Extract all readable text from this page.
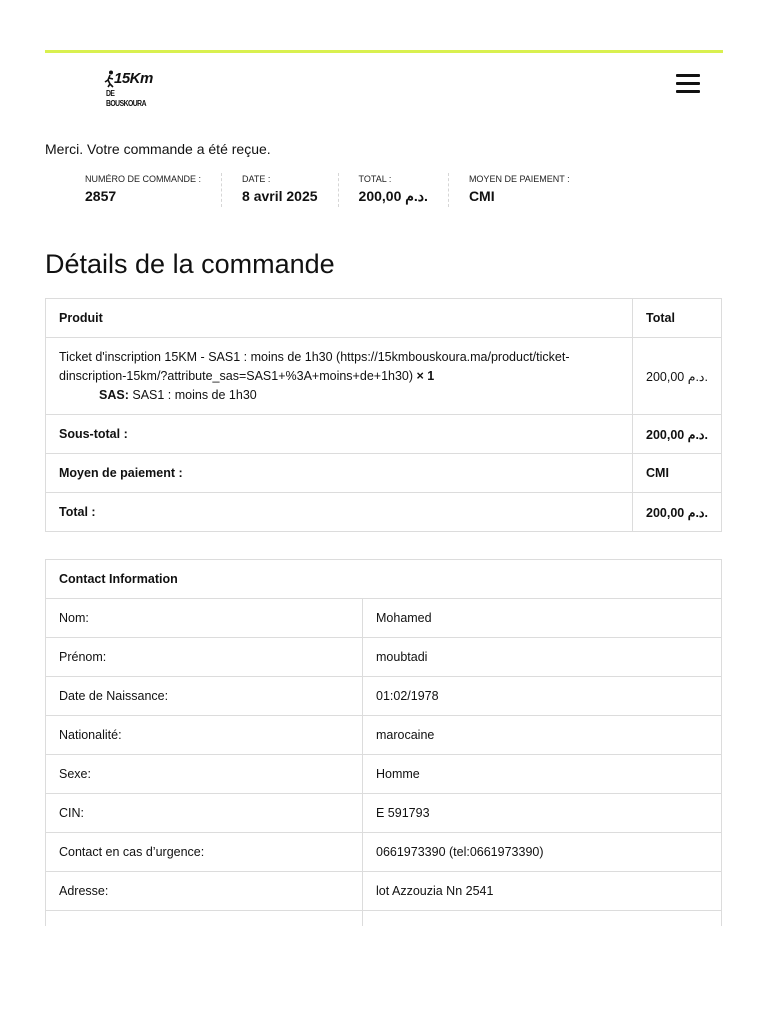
15Km
DE BOUSKOURA
Merci. Votre commande a été reçue.
NUMÉRO DE COMMANDE :
2857
DATE :
8 avril 2025
TOTAL :
200,00 د.م.
MOYEN DE PAIEMENT :
CMI
Détails de la commande
Produit	Total
Ticket d'inscription 15KM - SAS1 : moins de 1h30 (https://15kmbouskoura.ma/product/ticket-dinscription-15km/?attribute_sas=SAS1+%3A+moins+de+1h30) × 1
SAS: SAS1 : moins de 1h30	200,00 د.م.
Sous-total :	200,00 د.م.
Moyen de paiement :	CMI
Total :	200,00 د.م.
Contact Information	
Nom:	Mohamed
Prénom:	moubtadi
Date de Naissance:	01:02/1978
Nationalité:	marocaine
Sexe:	Homme
CIN:	E 591793
Contact en cas d’urgence:	0661973390 (tel:0661973390)
Adresse:	lot Azzouzia Nn 2541
